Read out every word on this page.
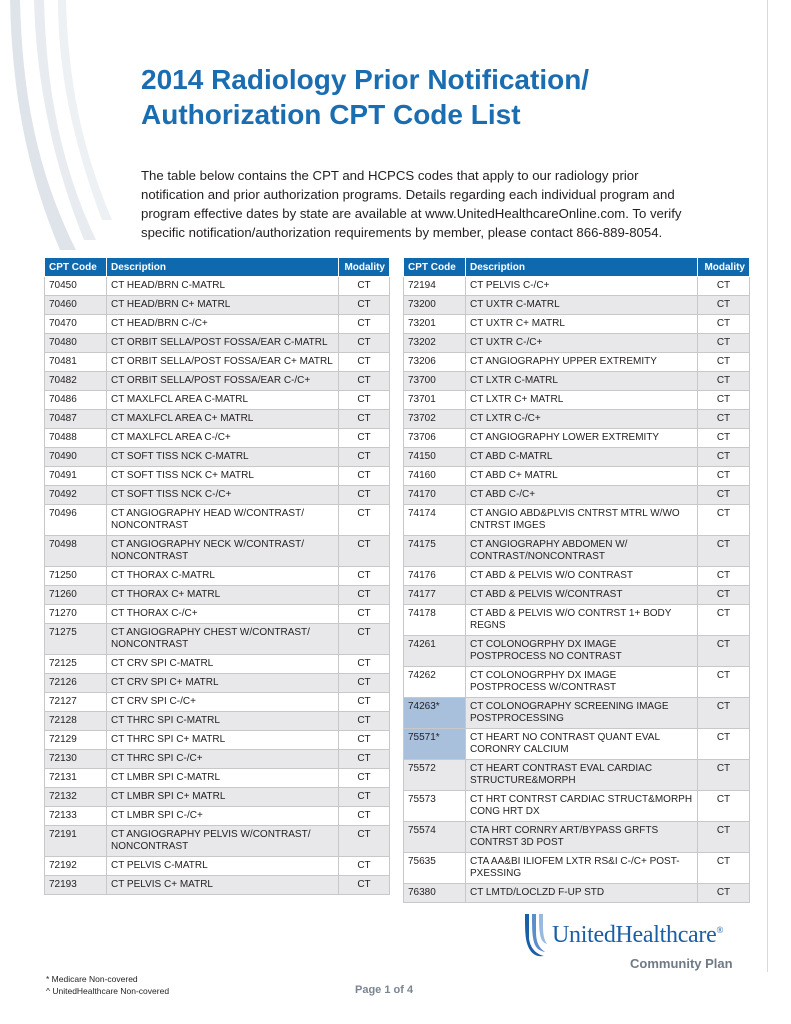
2014 Radiology Prior Notification/
Authorization CPT Code List

The table below contains the CPT and HCPCS codes that apply to our radiology prior notification and prior authorization programs. Details regarding each individual program and program effective dates by state are available at www.UnitedHealthcareOnline.com. To verify specific notification/authorization requirements by member, please contact 866-889-8054.

CPT Code	Description	Modality
70450	CT HEAD/BRN C-MATRL	CT
70460	CT HEAD/BRN C+ MATRL	CT
70470	CT HEAD/BRN C-/C+	CT
70480	CT ORBIT SELLA/POST FOSSA/EAR C-MATRL	CT
70481	CT ORBIT SELLA/POST FOSSA/EAR C+ MATRL	CT
70482	CT ORBIT SELLA/POST FOSSA/EAR C-/C+	CT
70486	CT MAXLFCL AREA C-MATRL	CT
70487	CT MAXLFCL AREA C+ MATRL	CT
70488	CT MAXLFCL AREA C-/C+	CT
70490	CT SOFT TISS NCK C-MATRL	CT
70491	CT SOFT TISS NCK C+ MATRL	CT
70492	CT SOFT TISS NCK C-/C+	CT
70496	CT ANGIOGRAPHY HEAD W/CONTRAST/ NONCONTRAST	CT
70498	CT ANGIOGRAPHY NECK W/CONTRAST/ NONCONTRAST	CT
71250	CT THORAX C-MATRL	CT
71260	CT THORAX C+ MATRL	CT
71270	CT THORAX C-/C+	CT
71275	CT ANGIOGRAPHY CHEST W/CONTRAST/ NONCONTRAST	CT
72125	CT CRV SPI C-MATRL	CT
72126	CT CRV SPI C+ MATRL	CT
72127	CT CRV SPI C-/C+	CT
72128	CT THRC SPI C-MATRL	CT
72129	CT THRC SPI C+ MATRL	CT
72130	CT THRC SPI C-/C+	CT
72131	CT LMBR SPI C-MATRL	CT
72132	CT LMBR SPI C+ MATRL	CT
72133	CT LMBR SPI C-/C+	CT
72191	CT ANGIOGRAPHY PELVIS W/CONTRAST/ NONCONTRAST	CT
72192	CT PELVIS C-MATRL	CT
72193	CT PELVIS C+ MATRL	CT
CPT Code	Description	Modality
72194	CT PELVIS C-/C+	CT
73200	CT UXTR C-MATRL	CT
73201	CT UXTR C+ MATRL	CT
73202	CT UXTR C-/C+	CT
73206	CT ANGIOGRAPHY UPPER EXTREMITY	CT
73700	CT LXTR C-MATRL	CT
73701	CT LXTR C+ MATRL	CT
73702	CT LXTR C-/C+	CT
73706	CT ANGIOGRAPHY LOWER EXTREMITY	CT
74150	CT ABD C-MATRL	CT
74160	CT ABD C+ MATRL	CT
74170	CT ABD C-/C+	CT
74174	CT ANGIO ABD&PLVIS CNTRST MTRL W/WO CNTRST IMGES	CT
74175	CT ANGIOGRAPHY ABDOMEN W/ CONTRAST/NONCONTRAST	CT
74176	CT ABD & PELVIS W/O CONTRAST	CT
74177	CT ABD & PELVIS W/CONTRAST	CT
74178	CT ABD & PELVIS W/O CONTRST 1+ BODY REGNS	CT
74261	CT COLONOGRPHY DX IMAGE POSTPROCESS NO CONTRAST	CT
74262	CT COLONOGRPHY DX IMAGE POSTPROCESS W/CONTRAST	CT
74263*	CT COLONOGRAPHY SCREENING IMAGE POSTPROCESSING	CT
75571*	CT HEART NO CONTRAST QUANT EVAL CORONRY CALCIUM	CT
75572	CT HEART CONTRAST EVAL CARDIAC STRUCTURE&MORPH	CT
75573	CT HRT CONTRST CARDIAC STRUCT&MORPH CONG HRT DX	CT
75574	CTA HRT CORNRY ART/BYPASS GRFTS CONTRST 3D POST	CT
75635	CTA AA&BI ILIOFEM LXTR RS&I C-/C+ POST-PXESSING	CT
76380	CT LMTD/LOCLZD F-UP STD	CT
UnitedHealthcare®
Community Plan
* Medicare Non-covered
^ UnitedHealthcare Non-covered	Page 1 of 4
